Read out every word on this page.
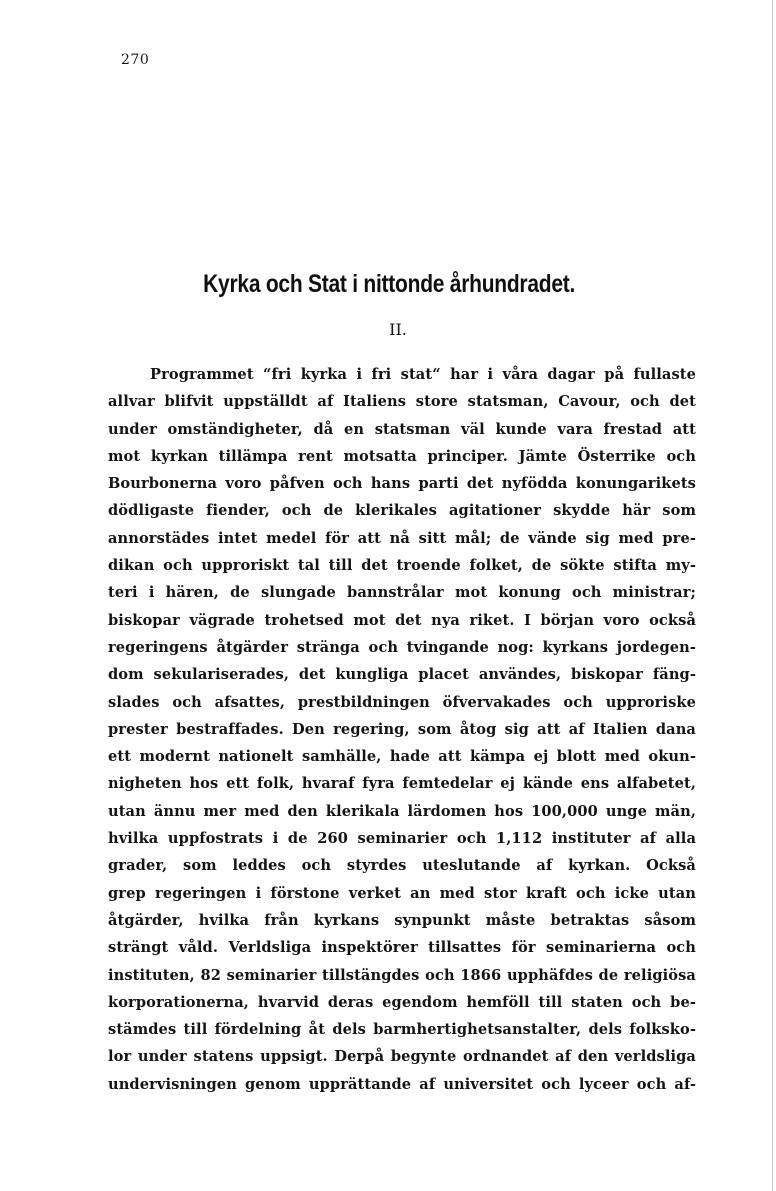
270
Kyrka och Stat i nittonde århundradet.
II.
Programmet “fri kyrka i fri stat“ har i våra dagar på fullaste
allvar blifvit uppställdt af Italiens store statsman, Cavour, och det
under omständigheter, då en statsman väl kunde vara frestad att
mot kyrkan tillämpa rent motsatta principer. Jämte Österrike och
Bourbonerna voro påfven och hans parti det nyfödda konungarikets
dödligaste fiender, och de klerikales agitationer skydde här som
annorstädes intet medel för att nå sitt mål; de vände sig med pre-
dikan och upproriskt tal till det troende folket, de sökte stifta my-
teri i hären, de slungade bannstrålar mot konung och ministrar;
biskopar vägrade trohetsed mot det nya riket. I början voro också
regeringens åtgärder stränga och tvingande nog: kyrkans jordegen-
dom sekulariserades, det kungliga placet användes, biskopar fäng-
slades och afsattes, prestbildningen öfvervakades och upproriske
prester bestraffades. Den regering, som åtog sig att af Italien dana
ett modernt nationelt samhälle, hade att kämpa ej blott med okun-
nigheten hos ett folk, hvaraf fyra femtedelar ej kände ens alfabetet,
utan ännu mer med den klerikala lärdomen hos 100,000 unge män,
hvilka uppfostrats i de 260 seminarier och 1,112 instituter af alla
grader, som leddes och styrdes uteslutande af kyrkan. Också
grep regeringen i förstone verket an med stor kraft och icke utan
åtgärder, hvilka från kyrkans synpunkt måste betraktas såsom
strängt våld. Verldsliga inspektörer tillsattes för seminarierna och
instituten, 82 seminarier tillstängdes och 1866 upphäfdes de religiösa
korporationerna, hvarvid deras egendom hemföll till staten och be-
stämdes till fördelning åt dels barmhertighetsanstalter, dels folkskо-
lor under statens uppsigt. Derpå begynte ordnandet af den verldsliga
undervisningen genom upprättande af universitet och lyceer och af-
